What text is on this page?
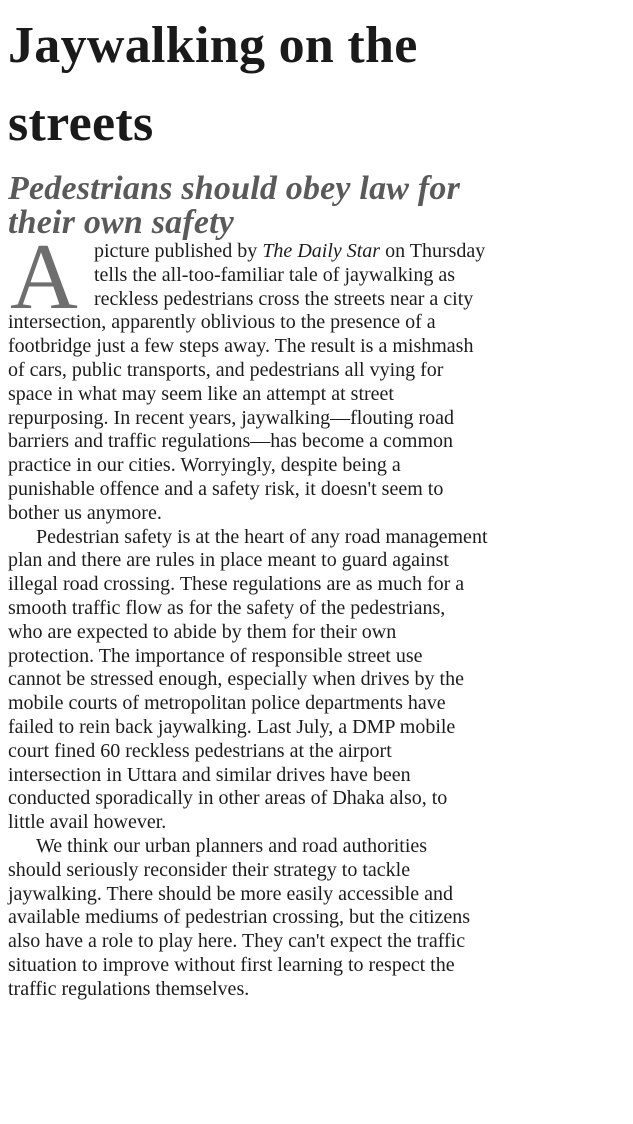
Jaywalking on the
streets
Pedestrians should obey law for
their own safety
A picture published by The Daily Star on Thursday
tells the all-too-familiar tale of jaywalking as
reckless pedestrians cross the streets near a city
intersection, apparently oblivious to the presence of a
footbridge just a few steps away. The result is a mishmash
of cars, public transports, and pedestrians all vying for
space in what may seem like an attempt at street
repurposing. In recent years, jaywalking—flouting road
barriers and traffic regulations—has become a common
practice in our cities. Worryingly, despite being a
punishable offence and a safety risk, it doesn't seem to
bother us anymore.
Pedestrian safety is at the heart of any road management
plan and there are rules in place meant to guard against
illegal road crossing. These regulations are as much for a
smooth traffic flow as for the safety of the pedestrians,
who are expected to abide by them for their own
protection. The importance of responsible street use
cannot be stressed enough, especially when drives by the
mobile courts of metropolitan police departments have
failed to rein back jaywalking. Last July, a DMP mobile
court fined 60 reckless pedestrians at the airport
intersection in Uttara and similar drives have been
conducted sporadically in other areas of Dhaka also, to
little avail however.
We think our urban planners and road authorities
should seriously reconsider their strategy to tackle
jaywalking. There should be more easily accessible and
available mediums of pedestrian crossing, but the citizens
also have a role to play here. They can't expect the traffic
situation to improve without first learning to respect the
traffic regulations themselves.
